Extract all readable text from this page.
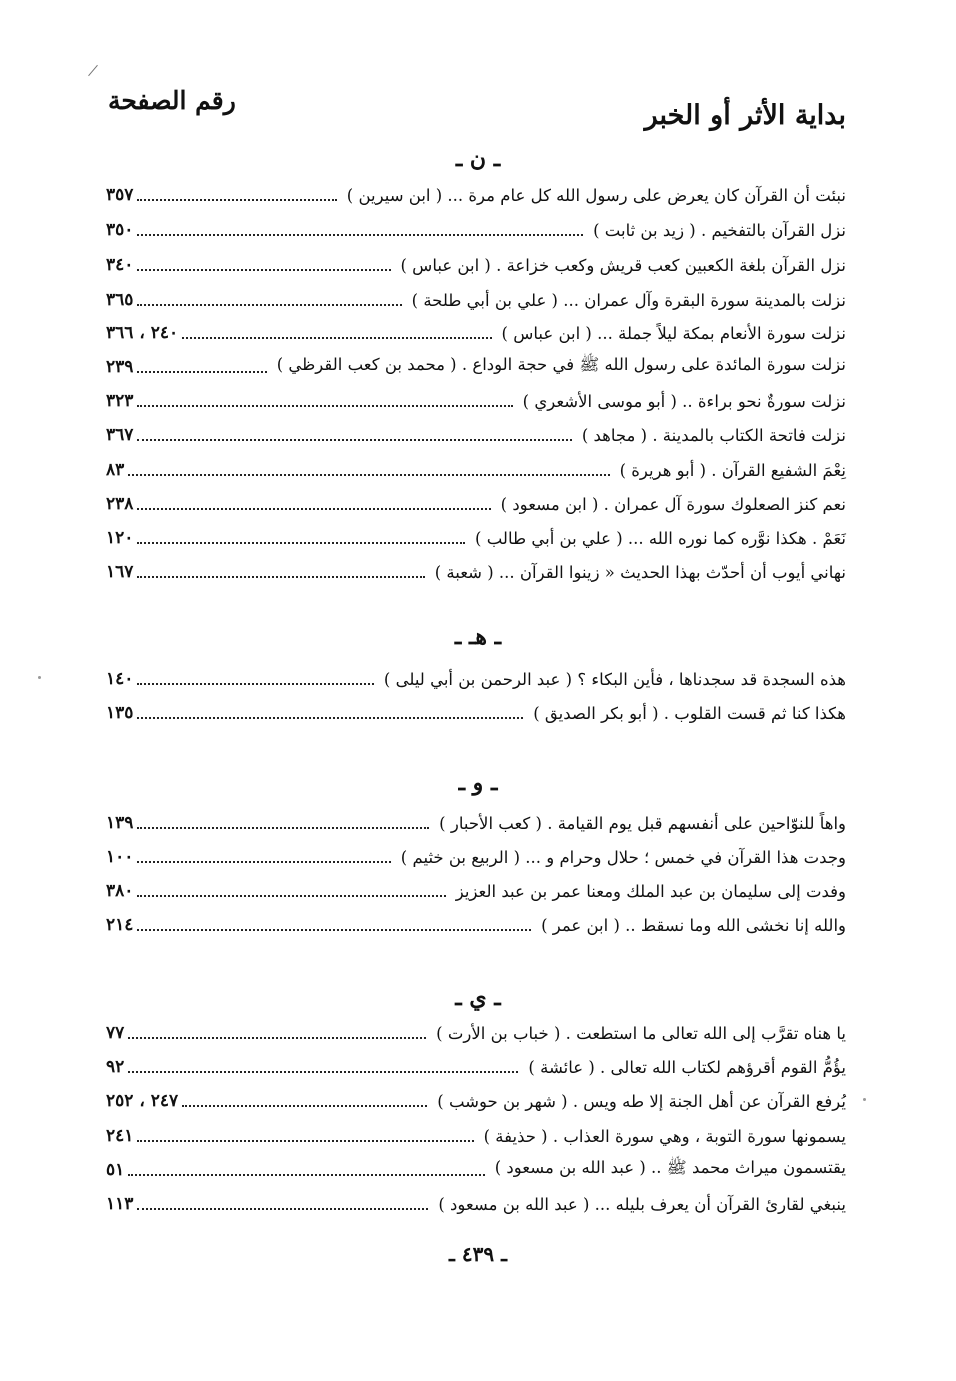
بداية الأثر أو الخبر
رقم الصفحة
ـ ن ـ
نبئت أن القرآن كان يعرض على رسول الله كل عام مرة ... ( ابن سيرين )
٣٥٧
نزل القرآن بالتفخيم . ( زيد بن ثابت )
٣٥٠
نزل القرآن بلغة الكعبين كعب قريش وكعب خزاعة . ( ابن عباس )
٣٤٠
نزلت بالمدينة سورة البقرة وآل عمران ... ( علي بن أبي طلحة )
٣٦٥
نزلت سورة الأنعام بمكة ليلاً جملة ... ( ابن عباس )
٢٤٠ ، ٣٦٦
نزلت سورة المائدة على رسول الله ﷺ في حجة الوداع . ( محمد بن كعب القرظي )
٢٣٩
نزلت سورةٌ نحو براءة .. ( أبو موسى الأشعري )
٣٢٣
نزلت فاتحة الكتاب بالمدينة . ( مجاهد )
٣٦٧
نِعْمَ الشفيع القرآن . ( أبو هريرة )
٨٣
نعم كنز الصعلوك سورة آل عمران . ( ابن مسعود )
٢٣٨
نَعَمْ . هكذا نوَّره كما نوره الله ... ( علي بن أبي طالب )
١٢٠
نهاني أيوب أن أحدّث بهذا الحديث « زينوا القرآن ... ( شعبة )
١٦٧
ـ هـ ـ
هذه السجدة قد سجدناها ، فأين البكاء ؟ ( عبد الرحمن بن أبي ليلى )
١٤٠
هكذا كنا ثم قست القلوب . ( أبو بكر الصديق )
١٣٥
ـ و ـ
واهاً للنوّاحين على أنفسهم قبل يوم القيامة . ( كعب الأحبار )
١٣٩
وجدت هذا القرآن في خمس ؛ حلال وحرام و ... ( الربيع بن خثيم )
١٠٠
وفدت إلى سليمان بن عبد الملك ومعنا عمر بن عبد العزيز
٣٨٠
والله إنا نخشى الله وما نسقط .. ( ابن عمر )
٢١٤
ـ ي ـ
يا هناه تقرَّب إلى الله تعالى ما استطعت . ( خباب بن الأرت )
٧٧
يؤُمُّ القوم أقرؤهم لكتاب الله تعالى . ( عائشة )
٩٢
يُرفع القرآن عن أهل الجنة إلا طه ويس . ( شهر بن حوشب )
٢٤٧ ، ٢٥٢
يسمونها سورة التوبة ، وهي سورة العذاب . ( حذيفة )
٢٤١
يقتسمون ميراث محمد ﷺ .. ( عبد الله بن مسعود )
٥١
ينبغي لقارئ القرآن أن يعرف بليله ... ( عبد الله بن مسعود )
١١٣
ـ ٤٣٩ ـ
